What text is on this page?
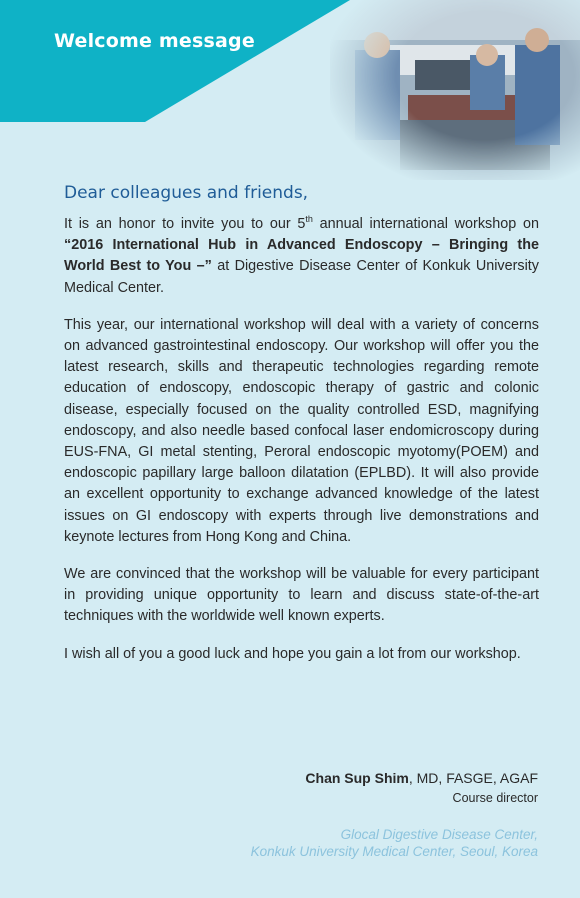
Welcome message
Dear colleagues and friends,

It is an honor to invite you to our 5th annual international workshop on “2016 International Hub in Advanced Endoscopy – Bringing the World Best to You –” at Digestive Disease Center of Konkuk University Medical Center.

This year, our international workshop will deal with a variety of concerns on advanced gastrointestinal endoscopy. Our workshop will offer you the latest research, skills and therapeutic technologies regarding remote education of endoscopy, endoscopic therapy of gastric and colonic disease, especially focused on the quality controlled ESD, magnifying endoscopy, and also needle based confocal laser endomicroscopy during EUS-FNA, GI metal stenting, Peroral endoscopic myotomy(POEM) and endoscopic papillary large balloon dilatation (EPLBD). It will also provide an excellent opportunity to exchange advanced knowledge of the latest issues on GI endoscopy with experts through live demonstrations and keynote lectures from Hong Kong and China.

We are convinced that the workshop will be valuable for every participant in providing unique opportunity to learn and discuss state-of-the-art techniques with the worldwide well known experts.

I wish all of you a good luck and hope you gain a lot from our workshop.

Chan Sup Shim, MD, FASGE, AGAF
Course director
Glocal Digestive Disease Center,
Konkuk University Medical Center, Seoul, Korea
